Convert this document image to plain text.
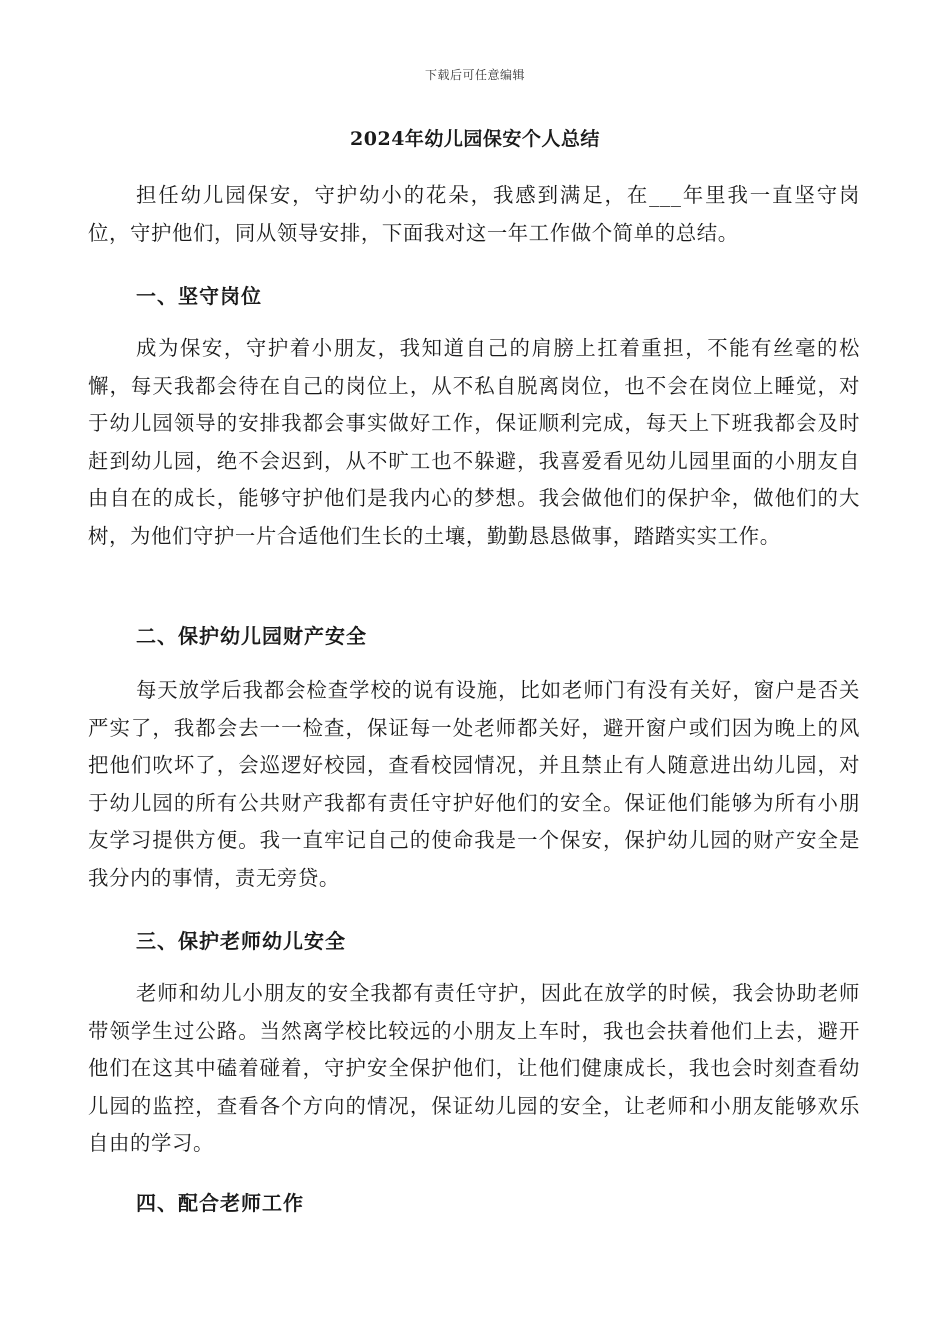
下载后可任意编辑
2024年幼儿园保安个人总结

担任幼儿园保安，守护幼小的花朵，我感到满足，在___年里我一直坚守岗位，守护他们，同从领导安排，下面我对这一年工作做个简单的总结。

一、坚守岗位

成为保安，守护着小朋友，我知道自己的肩膀上扛着重担，不能有丝毫的松懈，每天我都会待在自己的岗位上，从不私自脱离岗位，也不会在岗位上睡觉，对于幼儿园领导的安排我都会事实做好工作，保证顺利完成，每天上下班我都会及时赶到幼儿园，绝不会迟到，从不旷工也不躲避，我喜爱看见幼儿园里面的小朋友自由自在的成长，能够守护他们是我内心的梦想。我会做他们的保护伞，做他们的大树，为他们守护一片合适他们生长的土壤，勤勤恳恳做事，踏踏实实工作。

二、保护幼儿园财产安全

每天放学后我都会检查学校的说有设施，比如老师门有没有关好，窗户是否关严实了，我都会去一一检查，保证每一处老师都关好，避开窗户或们因为晚上的风把他们吹坏了，会巡逻好校园，查看校园情况，并且禁止有人随意进出幼儿园，对于幼儿园的所有公共财产我都有责任守护好他们的安全。保证他们能够为所有小朋友学习提供方便。我一直牢记自己的使命我是一个保安，保护幼儿园的财产安全是我分内的事情，责无旁贷。

三、保护老师幼儿安全

老师和幼儿小朋友的安全我都有责任守护，因此在放学的时候，我会协助老师带领学生过公路。当然离学校比较远的小朋友上车时，我也会扶着他们上去，避开他们在这其中磕着碰着，守护安全保护他们，让他们健康成长，我也会时刻查看幼儿园的监控，查看各个方向的情况，保证幼儿园的安全，让老师和小朋友能够欢乐自由的学习。

四、配合老师工作
